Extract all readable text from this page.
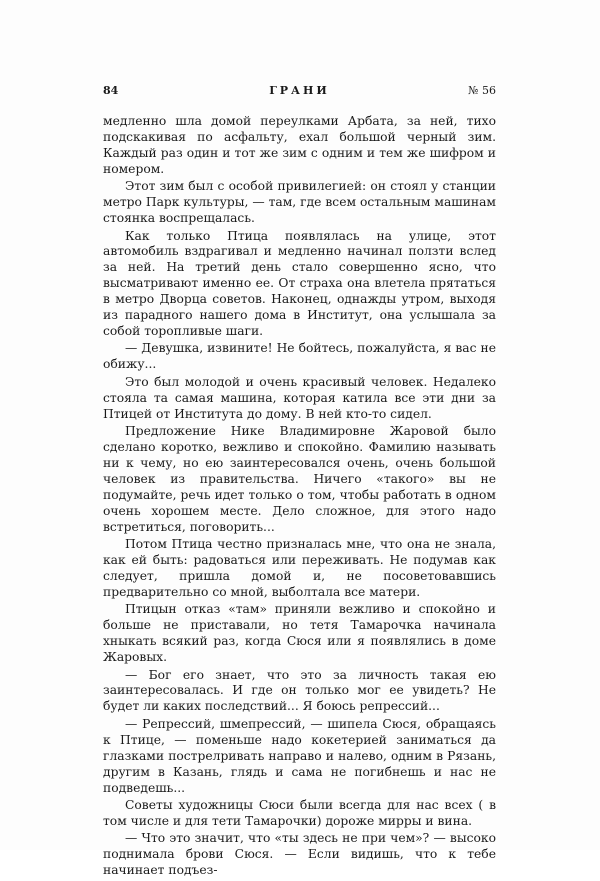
84	ГРАНИ	№ 56

медленно шла домой переулками Арбата, за ней, тихо подскакивая по асфальту, ехал большой черный зим. Каждый раз один и тот же зим с одним и тем же шифром и номером.

Этот зим был с особой привилегией: он стоял у станции метро Парк культуры, — там, где всем остальным машинам стоянка воспрещалась.

Как только Птица появлялась на улице, этот автомобиль вздрагивал и медленно начинал ползти вслед за ней. На третий день стало совершенно ясно, что высматривают именно ее. От страха она влетела прятаться в метро Дворца советов. Наконец, однажды утром, выходя из парадного нашего дома в Институт, она услышала за собой торопливые шаги.

— Девушка, извините! Не бойтесь, пожалуйста, я вас не обижу...

Это был молодой и очень красивый человек. Недалеко стояла та самая машина, которая катила все эти дни за Птицей от Института до дому. В ней кто-то сидел.

Предложение Нике Владимировне Жаровой было сделано коротко, вежливо и спокойно. Фамилию называть ни к чему, но ею заинтересовался очень, очень большой человек из правительства. Ничего «такого» вы не подумайте, речь идет только о том, чтобы работать в одном очень хорошем месте. Дело сложное, для этого надо встретиться, поговорить...

Потом Птица честно призналась мне, что она не знала, как ей быть: радоваться или переживать. Не подумав как следует, пришла домой и, не посоветовавшись предварительно со мной, выболтала все матери.

Птицын отказ «там» приняли вежливо и спокойно и больше не приставали, но тетя Тамарочка начинала хныкать всякий раз, когда Сюся или я появлялись в доме Жаровых.

— Бог его знает, что это за личность такая ею заинтересовалась. И где он только мог ее увидеть? Не будет ли каких последствий... Я боюсь репрессий...

— Репрессий, шмепрессий, — шипела Сюся, обращаясь к Птице, — поменьше надо кокетерией заниматься да глазками пострелривать направо и налево, одним в Рязань, другим в Казань, глядь и сама не погибнешь и нас не подведешь...

Советы художницы Сюси были всегда для нас всех ( в том числе и для тети Тамарочки) дороже мирры и вина.

— Что это значит, что «ты здесь не при чем»? — высоко поднимала брови Сюся. — Если видишь, что к тебе начинает подъез-
